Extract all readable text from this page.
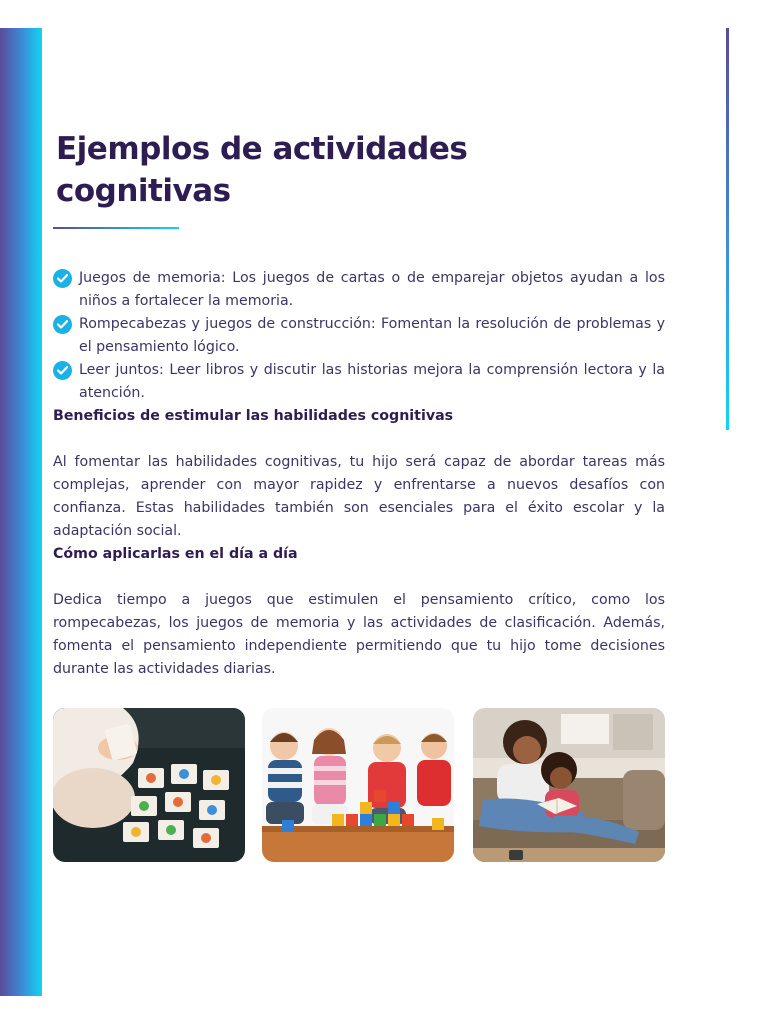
Ejemplos de actividades cognitivas
Juegos de memoria: Los juegos de cartas o de emparejar objetos ayudan a los niños a fortalecer la memoria.
Rompecabezas y juegos de construcción: Fomentan la resolución de problemas y el pensamiento lógico.
Leer juntos: Leer libros y discutir las historias mejora la comprensión lectora y la atención.

Beneficios de estimular las habilidades cognitivas

Al fomentar las habilidades cognitivas, tu hijo será capaz de abordar tareas más complejas, aprender con mayor rapidez y enfrentarse a nuevos desafíos con confianza. Estas habilidades también son esenciales para el éxito escolar y la adaptación social.

Cómo aplicarlas en el día a día

Dedica tiempo a juegos que estimulen el pensamiento crítico, como los rompecabezas, los juegos de memoria y las actividades de clasificación. Además, fomenta el pensamiento independiente permitiendo que tu hijo tome decisiones durante las actividades diarias.
